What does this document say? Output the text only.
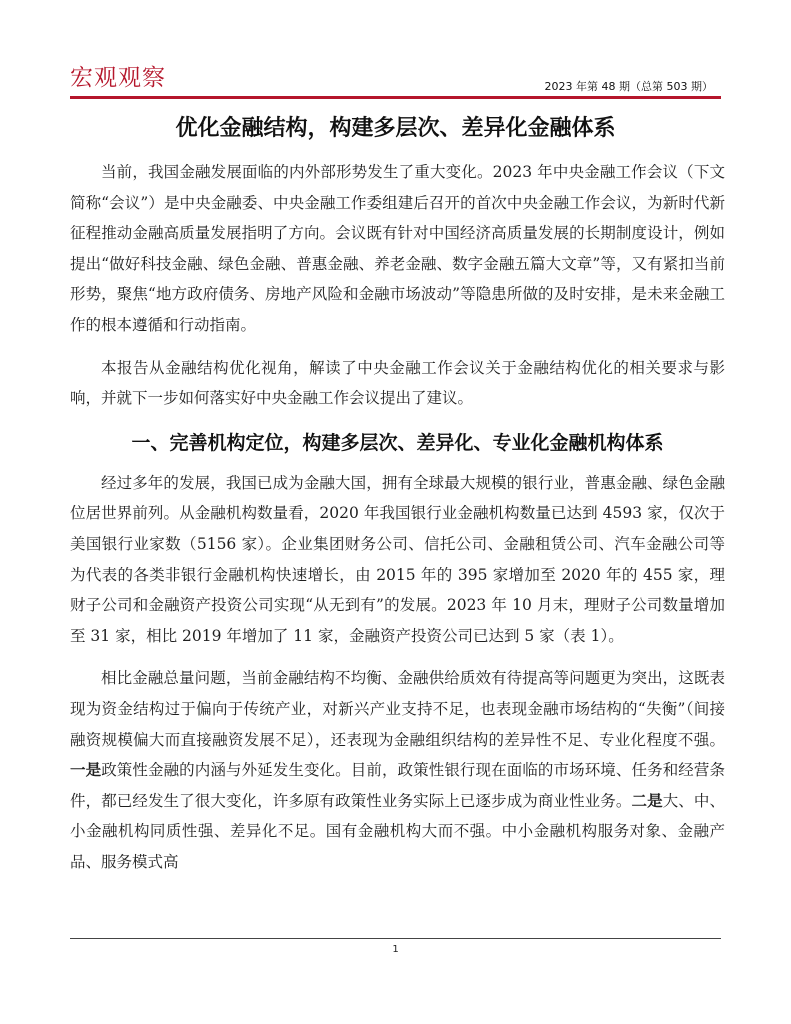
宏观观察	2023 年第 48 期（总第 503 期）
优化金融结构，构建多层次、差异化金融体系

当前，我国金融发展面临的内外部形势发生了重大变化。2023 年中央金融工作会议（下文简称“会议”）是中央金融委、中央金融工作委组建后召开的首次中央金融工作会议，为新时代新征程推动金融高质量发展指明了方向。会议既有针对中国经济高质量发展的长期制度设计，例如提出“做好科技金融、绿色金融、普惠金融、养老金融、数字金融五篇大文章”等，又有紧扣当前形势，聚焦“地方政府债务、房地产风险和金融市场波动”等隐患所做的及时安排，是未来金融工作的根本遵循和行动指南。

本报告从金融结构优化视角，解读了中央金融工作会议关于金融结构优化的相关要求与影响，并就下一步如何落实好中央金融工作会议提出了建议。

一、完善机构定位，构建多层次、差异化、专业化金融机构体系

经过多年的发展，我国已成为金融大国，拥有全球最大规模的银行业，普惠金融、绿色金融位居世界前列。从金融机构数量看，2020 年我国银行业金融机构数量已达到 4593 家，仅次于美国银行业家数（5156 家）。企业集团财务公司、信托公司、金融租赁公司、汽车金融公司等为代表的各类非银行金融机构快速增长，由 2015 年的 395 家增加至 2020 年的 455 家，理财子公司和金融资产投资公司实现“从无到有”的发展。2023 年 10 月末，理财子公司数量增加至 31 家，相比 2019 年增加了 11 家，金融资产投资公司已达到 5 家（表 1）。

相比金融总量问题，当前金融结构不均衡、金融供给质效有待提高等问题更为突出，这既表现为资金结构过于偏向于传统产业，对新兴产业支持不足，也表现金融市场结构的“失衡”（间接融资规模偏大而直接融资发展不足），还表现为金融组织结构的差异性不足、专业化程度不强。一是政策性金融的内涵与外延发生变化。目前，政策性银行现在面临的市场环境、任务和经营条件，都已经发生了很大变化，许多原有政策性业务实际上已逐步成为商业性业务。二是大、中、小金融机构同质性强、差异化不足。国有金融机构大而不强。中小金融机构服务对象、金融产品、服务模式高

1
